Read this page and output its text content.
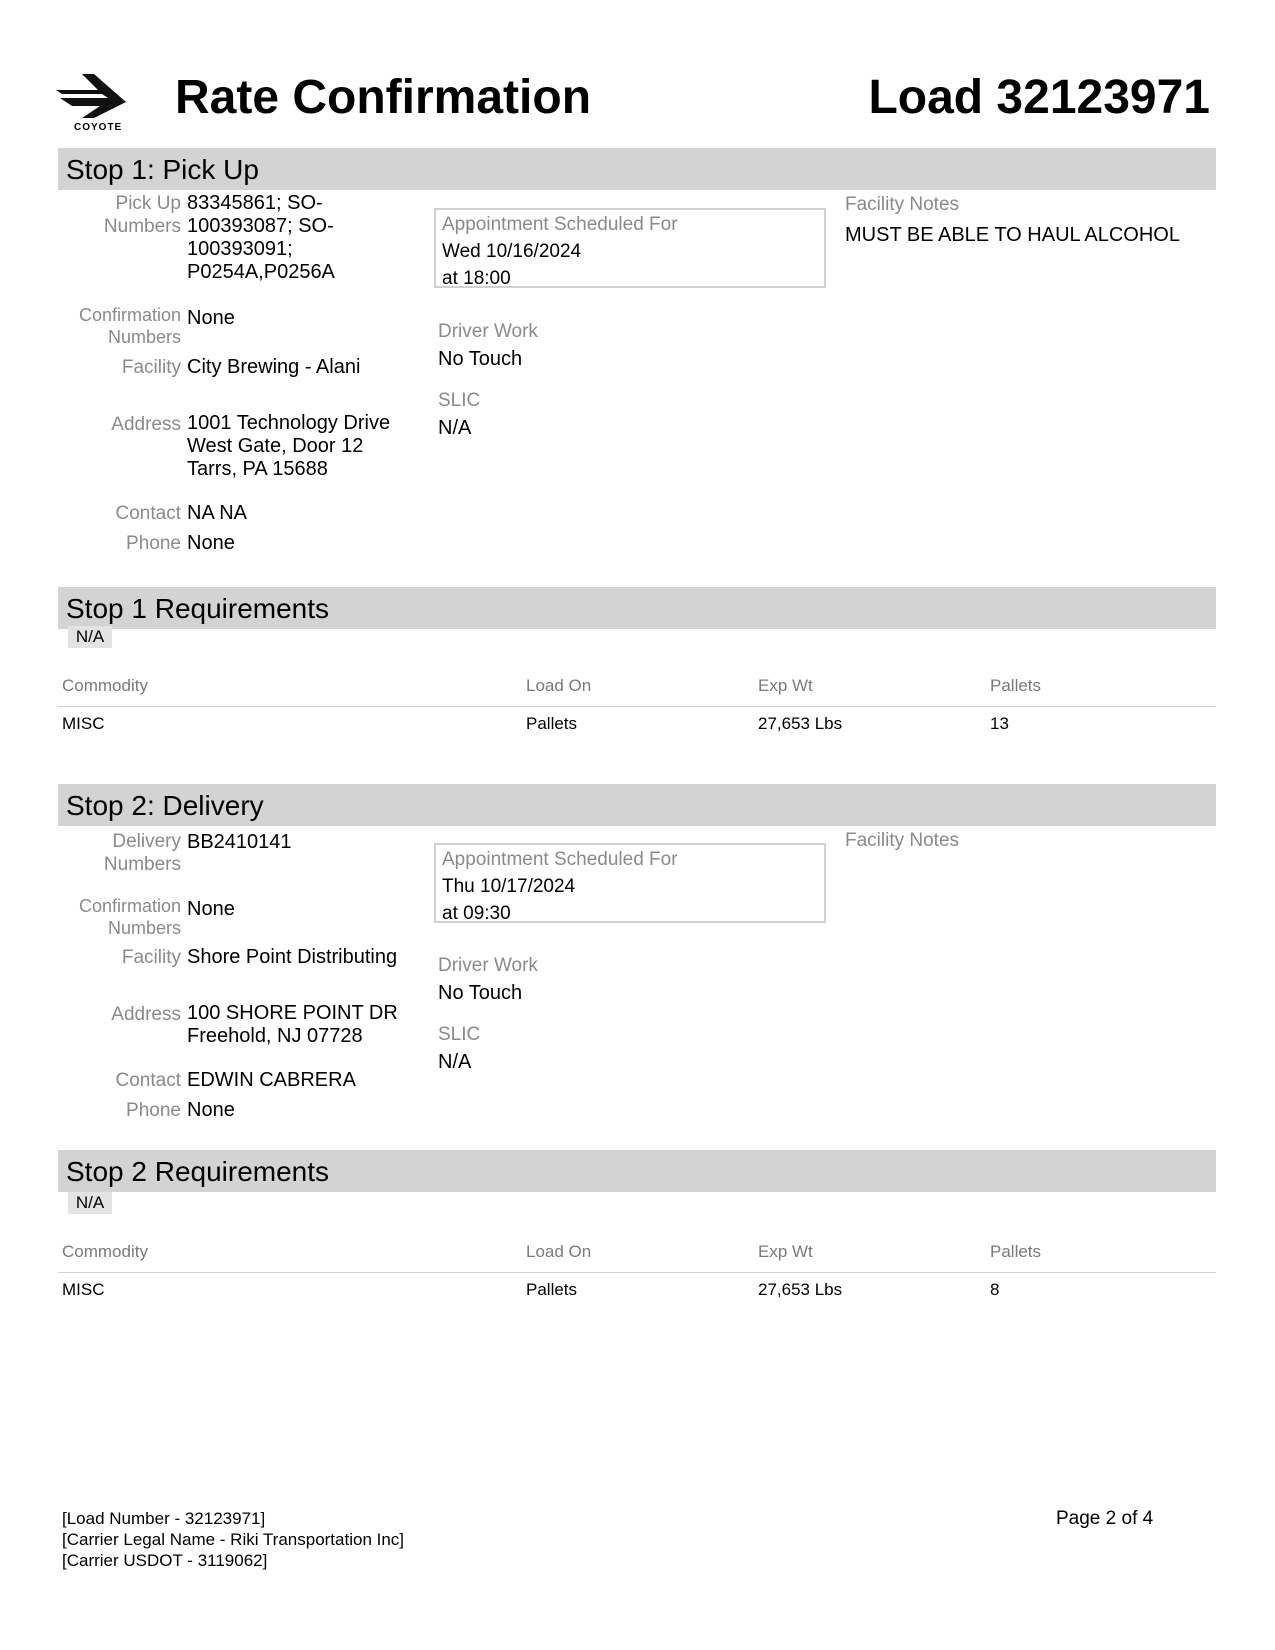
COYOTE
Rate Confirmation	Load 32123971
Stop 1: Pick Up
Pick Up
Numbers
83345861; SO-
100393087; SO-
100393091;
P0254A,P0256A
Confirmation
Numbers
None
Facility City Brewing - Alani
Address 1001 Technology Drive
West Gate, Door 12
Tarrs, PA 15688
Contact NA NA
Phone None
Appointment Scheduled For
Wed 10/16/2024
at 18:00
Driver Work
No Touch
SLIC
N/A
Facility Notes
MUST BE ABLE TO HAUL ALCOHOL
Stop 1 Requirements
N/A
Commodity	Load On	Exp Wt	Pallets
MISC	Pallets	27,653 Lbs	13
Stop 2: Delivery
Delivery
Numbers
BB2410141
Confirmation
Numbers
None
Facility Shore Point Distributing
Address 100 SHORE POINT DR
Freehold, NJ 07728
Contact EDWIN CABRERA
Phone None
Appointment Scheduled For
Thu 10/17/2024
at 09:30
Driver Work
No Touch
SLIC
N/A
Facility Notes
Stop 2 Requirements
N/A
Commodity	Load On	Exp Wt	Pallets
MISC	Pallets	27,653 Lbs	8
[Load Number - 32123971]
[Carrier Legal Name - Riki Transportation Inc]
[Carrier USDOT - 3119062]
Page 2 of 4
